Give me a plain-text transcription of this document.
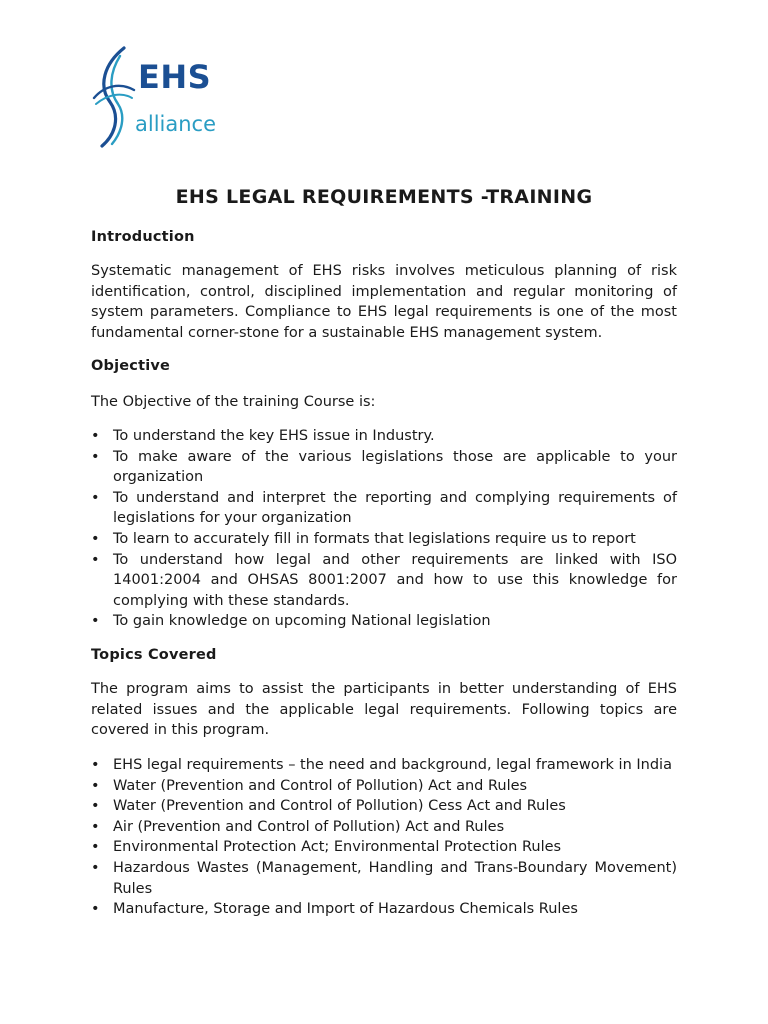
EHS
alliance
EHS LEGAL REQUIREMENTS -TRAINING
Introduction
Systematic management of EHS risks involves meticulous planning of risk identification, control, disciplined implementation and regular monitoring of system parameters. Compliance to EHS legal requirements is one of the most fundamental corner-stone for a sustainable EHS management system.
Objective
The Objective of the training Course is:
• To understand the key EHS issue in Industry.
• To make aware of the various legislations those are applicable to your organization
• To understand and interpret the reporting and complying requirements of legislations for your organization
• To learn to accurately fill in formats that legislations require us to report
• To understand how legal and other requirements are linked with ISO 14001:2004 and OHSAS 8001:2007 and how to use this knowledge for complying with these standards.
• To gain knowledge on upcoming National legislation
Topics Covered
The program aims to assist the participants in better understanding of EHS related issues and the applicable legal requirements. Following topics are covered in this program.
• EHS legal requirements – the need and background, legal framework in India
• Water (Prevention and Control of Pollution) Act and Rules
• Water (Prevention and Control of Pollution) Cess Act and Rules
• Air (Prevention and Control of Pollution) Act and Rules
• Environmental Protection Act; Environmental Protection Rules
• Hazardous Wastes (Management, Handling and Trans-Boundary Movement) Rules
• Manufacture, Storage and Import of Hazardous Chemicals Rules
